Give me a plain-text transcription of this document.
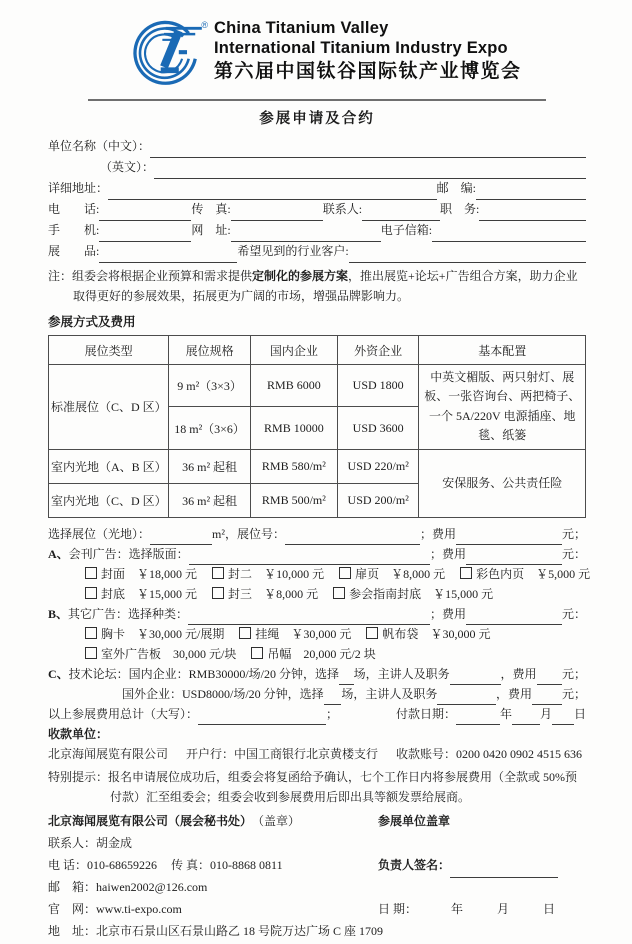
® China Titanium Valley
International Titanium Industry Expo
第六届中国钛谷国际钛产业博览会
参展申请及合约
单位名称（中文）：
（英文）：
详细地址：	邮　编:
电　　话:	传　真:	联系人:	职　务:
手　　机:	网　址:	电子信箱:
展　　品:	希望见到的行业客户:
注：组委会将根据企业预算和需求提供定制化的参展方案，推出展览+论坛+广告组合方案，助力企业取得更好的参展效果，拓展更为广阔的市场，增强品牌影响力。
参展方式及费用
展位类型	展位规格	国内企业	外资企业	基本配置
标准展位（C、D 区）	9 m²（3×3）	RMB 6000	USD 1800	中英文楣版、两只射灯、展板、一张咨询台、两把椅子、一个 5A/220V 电源插座、地毯、纸篓
	18 m²（3×6）	RMB 10000	USD 3600	
室内光地（A、B 区）	36 m² 起租	RMB 580/m²	USD 220/m²	安保服务、公共责任险
室内光地（C、D 区）	36 m² 起租	RMB 500/m²	USD 200/m²	
选择展位（光地）：	m²，展位号：	；费用	元；
A、 会刊广告：选择版面：	；费用	元：
封面　 ￥18,000 元	封二　 ￥10,000 元	扉页　 ￥8,000 元	彩色内页　 ￥5,000 元
封底　 ￥15,000 元	封三　 ￥8,000 元	参会指南封底　 ￥15,000 元
B、 其它广告：选择种类：	；费用	元：
胸卡　 ￥30,000 元/展期	挂绳　 ￥30,000 元	帆布袋　 ￥30,000 元
室外广告板　 30,000 元/块	吊幅　 20,000 元/2 块
C、 技术论坛：国内企业：RMB30000/场/20 分钟，选择 场，主讲人及职务	，费用 元；
国外企业：USD8000/场/20 分钟，选择 场，主讲人及职务	，费用 元；
以上参展费用总计（大写）：	；	付款日期：	年 月 日
收款单位：
北京海闻展览有限公司 开户行：中国工商银行北京黄楼支行 收款账号：0200 0420 0902 4515 636
特别提示：报名申请展位成功后，组委会将复函给予确认，七个工作日内将参展费用（全款或 50%预付款）汇至组委会；组委会收到参展费用后即出具等额发票给展商。
北京海闻展览有限公司（展会秘书处） （盖章）	参展单位盖章
联系人： 胡金成
电 话： 010-68659226 传 真： 010-8868 0811	负责人签名：
邮　箱： haiwen2002@126.com
官　网： www.ti-expo.com	日 期：	年	月	日
地　址： 北京市石景山区石景山路乙 18 号院万达广场 C 座 1709
